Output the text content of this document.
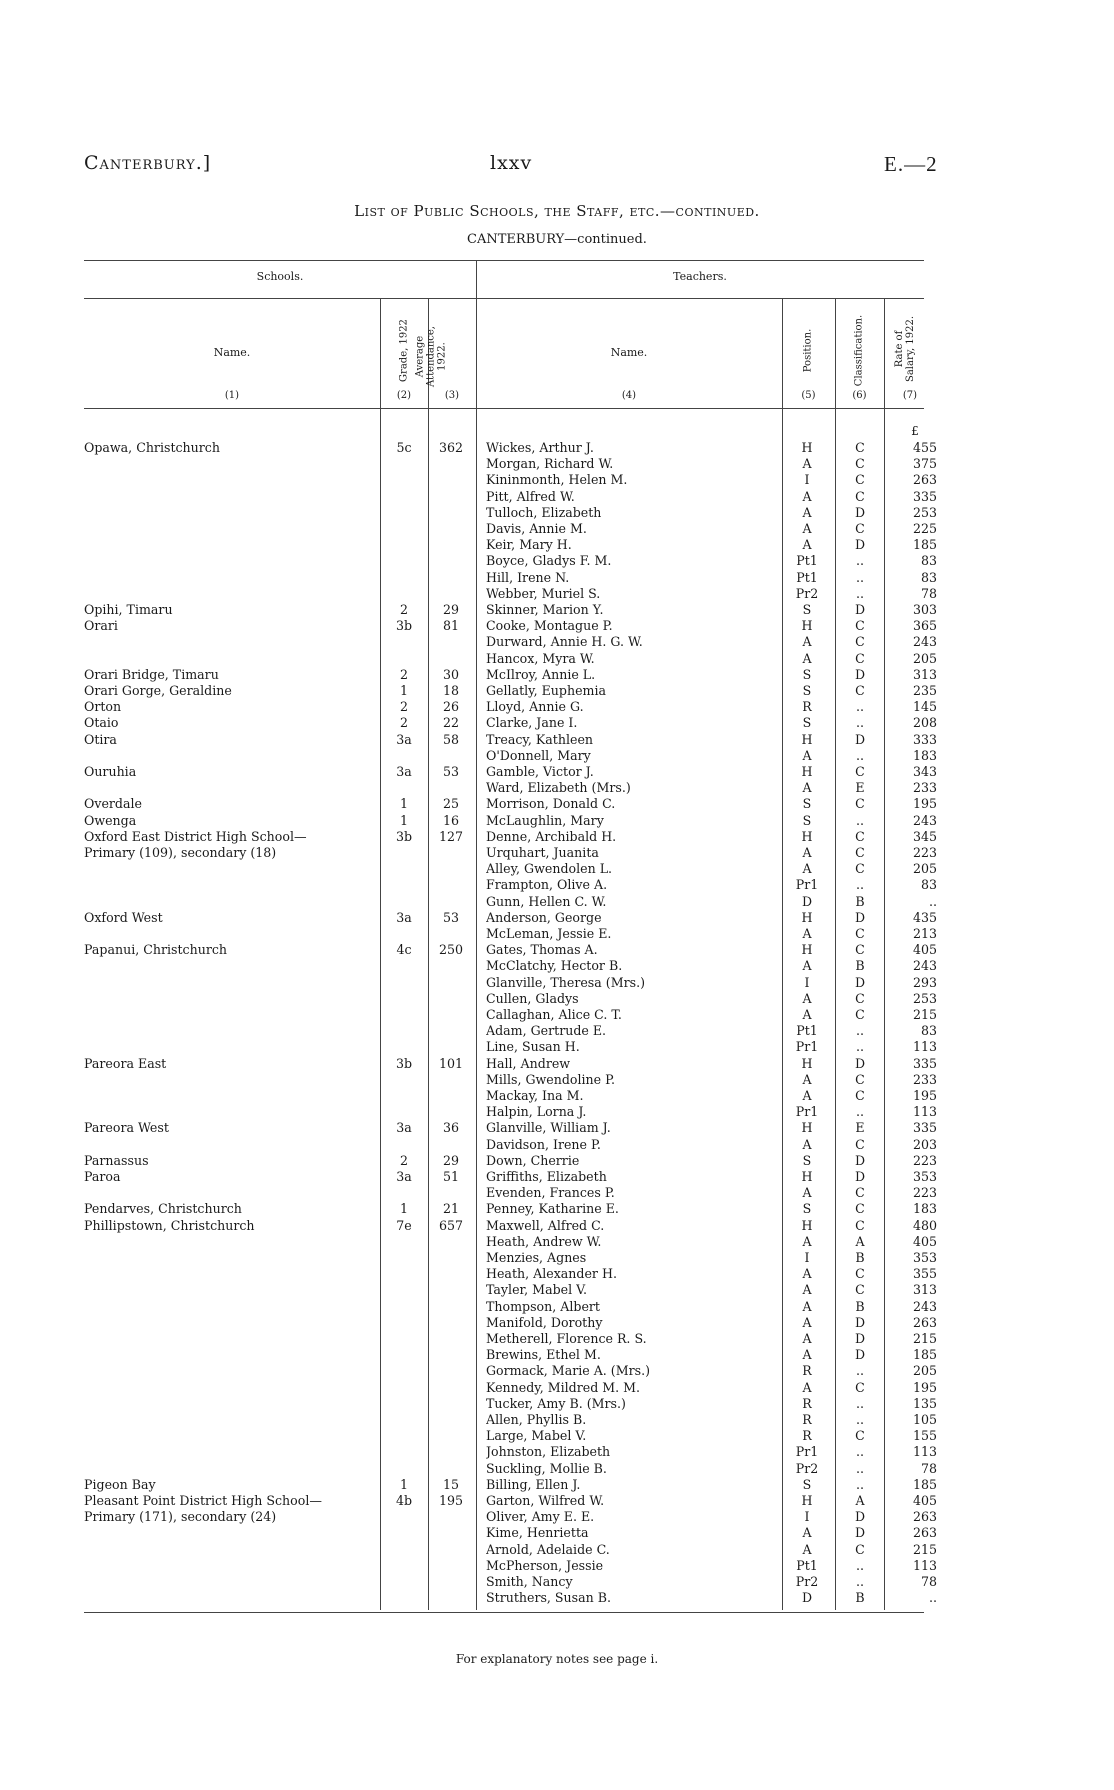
Canterbury.]	lxxv	E.—2
List of Public Schools, the Staff, etc.—continued.
CANTERBURY—continued.
Schools.	Teachers.
Name.	Grade, 1922 Average Attendance, 1922.	Name.	Position.	Classification.	Rate of Salary, 1922.
(1)	(2)	(3)	(4)	(5)	(6)	(7)
£
Opawa, Christchurch	5c	362	Wickes, Arthur J.	H	C	455
Morgan, Richard W.	A	C	375
Kininmonth, Helen M.	I	C	263
Pitt, Alfred W.	A	C	335
Tulloch, Elizabeth	A	D	253
Davis, Annie M.	A	C	225
Keir, Mary H.	A	D	185
Boyce, Gladys F. M.	Pt1	..	83
Hill, Irene N.	Pt1	..	83
Webber, Muriel S.	Pr2	..	78
Opihi, Timaru	2	29	Skinner, Marion Y.	S	D	303
Orari	3b	81	Cooke, Montague P.	H	C	365
Durward, Annie H. G. W.	A	C	243
Hancox, Myra W.	A	C	205
Orari Bridge, Timaru	2	30	McIlroy, Annie L.	S	D	313
Orari Gorge, Geraldine	1	18	Gellatly, Euphemia	S	C	235
Orton	2	26	Lloyd, Annie G.	R	..	145
Otaio	2	22	Clarke, Jane I.	S	..	208
Otira	3a	58	Treacy, Kathleen	H	D	333
O'Donnell, Mary	A	..	183
Ouruhia	3a	53	Gamble, Victor J.	H	C	343
Ward, Elizabeth (Mrs.)	A	E	233
Overdale	1	25	Morrison, Donald C.	S	C	195
Owenga	1	16	McLaughlin, Mary	S	..	243
Oxford East District High School—	3b	127	Denne, Archibald H.	H	C	345
Primary (109), secondary (18)	Urquhart, Juanita	A	C	223
Alley, Gwendolen L.	A	C	205
Frampton, Olive A.	Pr1	..	83
Gunn, Hellen C. W.	D	B	..
Oxford West	3a	53	Anderson, George	H	D	435
McLeman, Jessie E.	A	C	213
Papanui, Christchurch	4c	250	Gates, Thomas A.	H	C	405
McClatchy, Hector B.	A	B	243
Glanville, Theresa (Mrs.)	I	D	293
Cullen, Gladys	A	C	253
Callaghan, Alice C. T.	A	C	215
Adam, Gertrude E.	Pt1	..	83
Line, Susan H.	Pr1	..	113
Pareora East	3b	101	Hall, Andrew	H	D	335
Mills, Gwendoline P.	A	C	233
Mackay, Ina M.	A	C	195
Halpin, Lorna J.	Pr1	..	113
Pareora West	3a	36	Glanville, William J.	H	E	335
Davidson, Irene P.	A	C	203
Parnassus	2	29	Down, Cherrie	S	D	223
Paroa	3a	51	Griffiths, Elizabeth	H	D	353
Evenden, Frances P.	A	C	223
Pendarves, Christchurch	1	21	Penney, Katharine E.	S	C	183
Phillipstown, Christchurch	7e	657	Maxwell, Alfred C.	H	C	480
Heath, Andrew W.	A	A	405
Menzies, Agnes	I	B	353
Heath, Alexander H.	A	C	355
Tayler, Mabel V.	A	C	313
Thompson, Albert	A	B	243
Manifold, Dorothy	A	D	263
Metherell, Florence R. S.	A	D	215
Brewins, Ethel M.	A	D	185
Gormack, Marie A. (Mrs.)	R	..	205
Kennedy, Mildred M. M.	A	C	195
Tucker, Amy B. (Mrs.)	R	..	135
Allen, Phyllis B.	R	..	105
Large, Mabel V.	R	C	155
Johnston, Elizabeth	Pr1	..	113
Suckling, Mollie B.	Pr2	..	78
Pigeon Bay	1	15	Billing, Ellen J.	S	..	185
Pleasant Point District High School—	4b	195	Garton, Wilfred W.	H	A	405
Primary (171), secondary (24)	Oliver, Amy E. E.	I	D	263
Kime, Henrietta	A	D	263
Arnold, Adelaide C.	A	C	215
McPherson, Jessie	Pt1	..	113
Smith, Nancy	Pr2	..	78
Struthers, Susan B.	D	B	..
For explanatory notes see page i.
